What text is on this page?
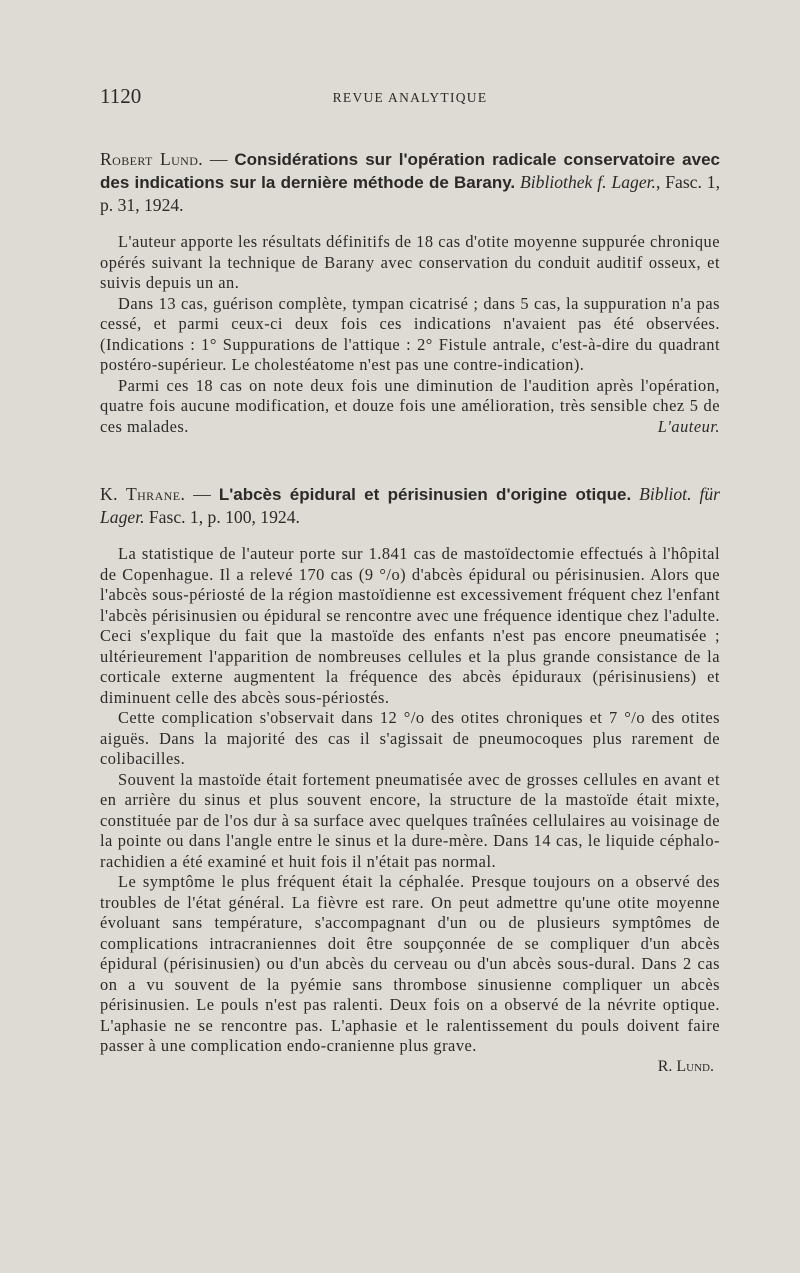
1120	REVUE ANALYTIQUE

Robert Lund. — Considérations sur l'opération radicale conservatoire avec des indications sur la dernière méthode de Barany. Bibliothek f. Lager., Fasc. 1, p. 31, 1924.

L'auteur apporte les résultats définitifs de 18 cas d'otite moyenne suppurée chronique opérés suivant la technique de Barany avec conservation du conduit auditif osseux, et suivis depuis un an.

Dans 13 cas, guérison complète, tympan cicatrisé ; dans 5 cas, la suppuration n'a pas cessé, et parmi ceux-ci deux fois ces indications n'avaient pas été observées. (Indications : 1° Suppurations de l'attique : 2° Fistule antrale, c'est-à-dire du quadrant postéro-supérieur. Le cholestéatome n'est pas une contre-indication).

Parmi ces 18 cas on note deux fois une diminution de l'audition après l'opération, quatre fois aucune modification, et douze fois une amélioration, très sensible chez 5 de ces malades.	L'auteur.

K. Thrane. — L'abcès épidural et périsinusien d'origine otique. Bibliot. für Lager. Fasc. 1, p. 100, 1924.

La statistique de l'auteur porte sur 1.841 cas de mastoïdectomie effectués à l'hôpital de Copenhague. Il a relevé 170 cas (9 °/o) d'abcès épidural ou périsinusien. Alors que l'abcès sous-périosté de la région mastoïdienne est excessivement fréquent chez l'enfant l'abcès périsinusien ou épidural se rencontre avec une fréquence identique chez l'adulte. Ceci s'explique du fait que la mastoïde des enfants n'est pas encore pneumatisée ; ultérieurement l'apparition de nombreuses cellules et la plus grande consistance de la corticale externe augmentent la fréquence des abcès épiduraux (périsinusiens) et diminuent celle des abcès sous-périostés.

Cette complication s'observait dans 12 °/o des otites chroniques et 7 °/o des otites aiguës. Dans la majorité des cas il s'agissait de pneumocoques plus rarement de colibacilles.

Souvent la mastoïde était fortement pneumatisée avec de grosses cellules en avant et en arrière du sinus et plus souvent encore, la structure de la mastoïde était mixte, constituée par de l'os dur à sa surface avec quelques traînées cellulaires au voisinage de la pointe ou dans l'angle entre le sinus et la dure-mère. Dans 14 cas, le liquide céphalo-rachidien a été examiné et huit fois il n'était pas normal.

Le symptôme le plus fréquent était la céphalée. Presque toujours on a observé des troubles de l'état général. La fièvre est rare. On peut admettre qu'une otite moyenne évoluant sans température, s'accompagnant d'un ou de plusieurs symptômes de complications intracraniennes doit être soupçonnée de se compliquer d'un abcès épidural (périsinusien) ou d'un abcès du cerveau ou d'un abcès sous-dural. Dans 2 cas on a vu souvent de la pyémie sans thrombose sinusienne compliquer un abcès périsinusien. Le pouls n'est pas ralenti. Deux fois on a observé de la névrite optique. L'aphasie ne se rencontre pas. L'aphasie et le ralentissement du pouls doivent faire passer à une complication endo-cranienne plus grave.

R. Lund.
